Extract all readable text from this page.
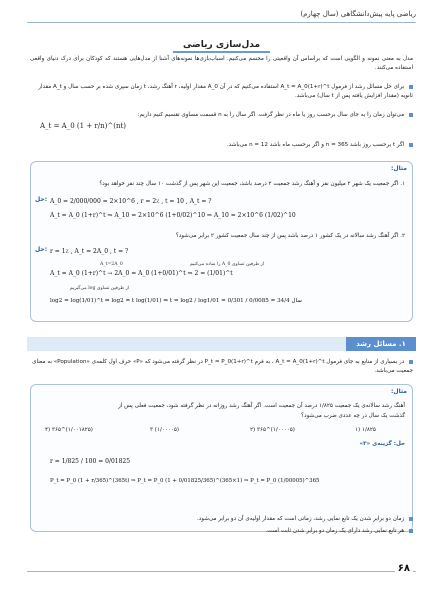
ریاضی پایه پیش‌دانشگاهی (سال چهارم)
مدل‌سازی ریاضی
مدل به معنی نمونه و الگویی است که براساس آن واقعیتی را مجسم می‌کنیم. اسباب‌بازی‌ها نمونه‌های آشنا از مدل‌هایی هستند که کودکان برای درک دنیای واقعی استفاده می‌کنند.
برای حل مسائل رشد از فرمول A_t = A_0(1+r)^t استفاده می‌کنیم که در آن A_0 مقدار اولیه، r آهنگ رشد، t زمان سپری شده بر حسب سال و A_t مقدار ثانویه (مقدار افزایش یافته پس از t سال) می‌باشد.
می‌توان زمان را به جای سال برحسب روز یا ماه در نظر گرفت. اگر سال را به n قسمت مساوی تقسیم کنیم داریم:
A_t = A_0 (1 + r/n)^(nt)
اگر t برحسب روز باشد n = 365 و اگر برحسب ماه باشد n = 12 می‌باشد.
مثال:
۱. اگر جمعیت یک شهر ۲ میلیون نفر و آهنگ رشد جمعیت ۲ درصد باشد، جمعیت این شهر پس از گذشت ۱۰ سال چند نفر خواهد بود؟
حل: A_0 = 2/000/000 = 2×10^6 , r = 2٪ , t = 10 , A_t = ?
A_t = A_0 (1+r)^t ⇒ A_10 = 2×10^6 (1+0/02)^10 ⇒ A_10 = 2×10^6 (1/02)^10
۲. اگر آهنگ رشد سالانه در یک کشور ۱ درصد باشد پس از چند سال جمعیت کشور ۲ برابر می‌شود؟
حل: r = 1٪ , A_t = 2A_0 , t = ?
A_t=2A_0	از طرفین تساوی A_0 را ساده می‌کنیم
A_t = A_0 (1+r)^t → 2A_0 = A_0 (1+0/01)^t ⇒ 2 = (1/01)^t
از طرفین تساوی log می‌گیریم
log2 = log(1/01)^t ⇒ log2 = t log(1/01) ⇒ t = log2 / log1/01 = 0/301 / 0/0085 = 34/4 سال
۱. مسائل رشد
در بسیاری از منابع به جای فرمول A_t = A_0(1+r)^t ، به فرم P_t = P_0(1+r)^t در نظر گرفته می‌شود که «P» حرف اول کلمه‌ی «Population» به معنای جمعیت می‌باشد.
مثال:
آهنگ رشد سالانه‌ی یک جمعیت ۱/۸۲۵ درصد آن جمعیت است. اگر آهنگ رشد روزانه در نظر گرفته شود، جمعیت فعلی پس از
گذشت یک سال در چه عددی ضرب می‌شود؟
(۱/۰۰۱۸۲۵)^۳۶۵ (۴	(۱/۰۰۰۰۵) ۳	(۱/۰۰۰۰۵)^۳۶۵ (۲	۱/۸۲۵ (۱
حل: گزینه‌ی «۳»
r = 1/825 / 100 = 0/01825
P_t = P_0 (1 + r/365)^(365t) ⇒ P_t = P_0 (1 + 0/01825/365)^(365×1) ⇒ P_t = P_0 (1/00005)^365
زمان دو برابر شدن یک تابع نمایی رشد، زمانی است که مقدار اولیه‌ی آن دو برابر می‌شود.
هر تابع نمایی رشد دارای یک زمان دو برابر شدن ثابت است.
۶۸
